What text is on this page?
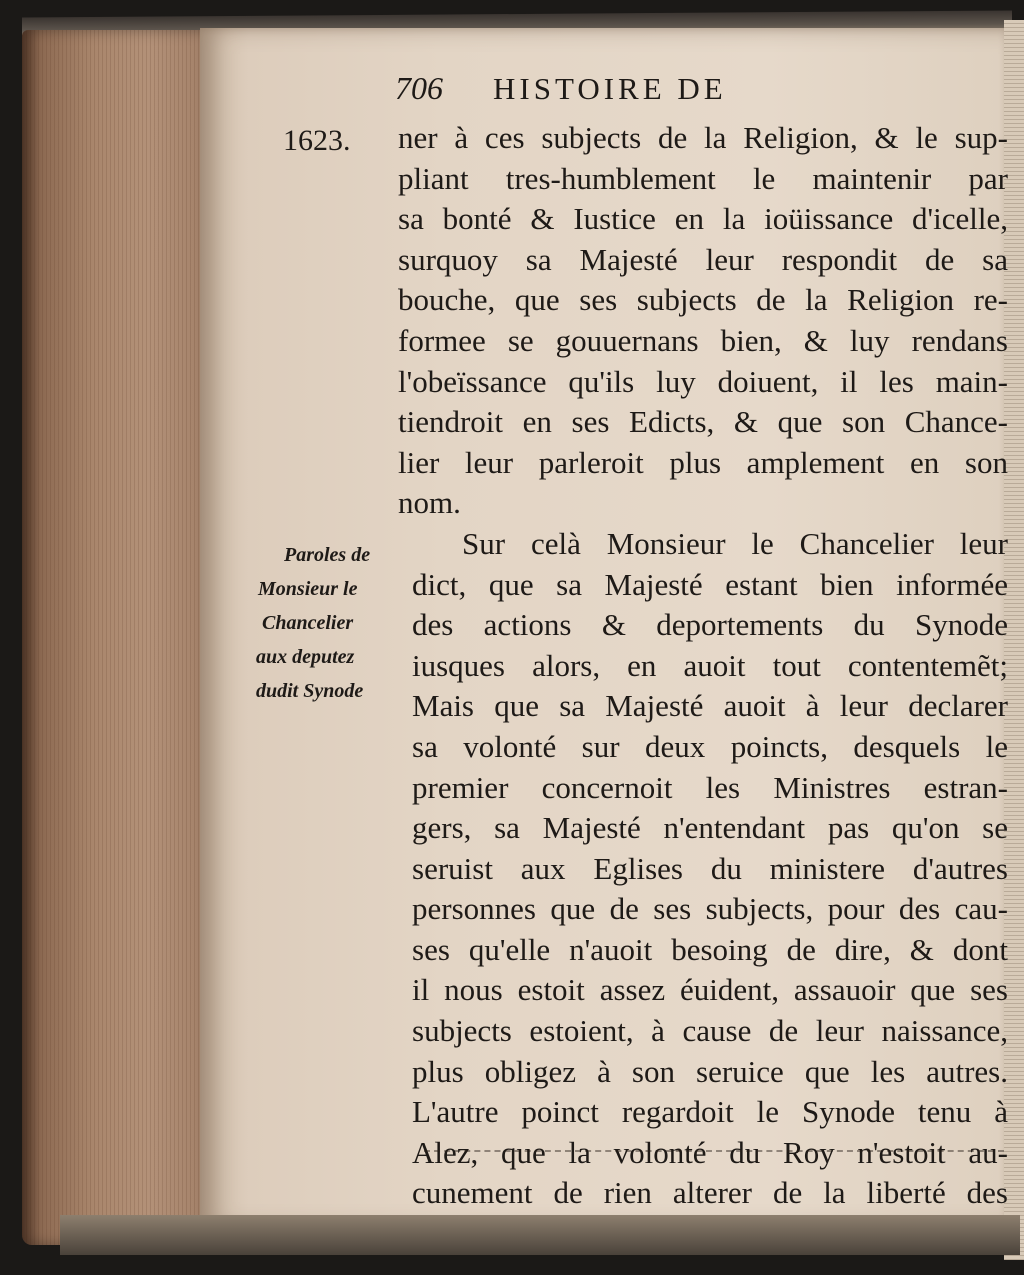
706 HISTOIRE DE
1623.
Paroles de
Monsieur le
Chancelier
aux deputez
dudit Synode
ner à ces subjects de la Religion, & le sup-
pliant tres-humblement le maintenir par
sa bonté & Iustice en la ioüissance d'icelle,
surquoy sa Majesté leur respondit de sa
bouche, que ses subjects de la Religion re-
formee se gouuernans bien, & luy rendans
l'obeïssance qu'ils luy doiuent, il les main-
tiendroit en ses Edicts, & que son Chance-
lier leur parleroit plus amplement en son
nom.
Sur celà Monsieur le Chancelier leur
dict, que sa Majesté estant bien informée
des actions & deportements du Synode
iusques alors, en auoit tout contentemẽt;
Mais que sa Majesté auoit à leur declarer
sa volonté sur deux poincts, desquels le
premier concernoit les Ministres estran-
gers, sa Majesté n'entendant pas qu'on se
seruist aux Eglises du ministere d'autres
personnes que de ses subjects, pour des cau-
ses qu'elle n'auoit besoing de dire, & dont
il nous estoit assez éuident, assauoir que ses
subjects estoient, à cause de leur naissance,
plus obligez à son seruice que les autres.
L'autre poinct regardoit le Synode tenu à
Alez, que la volonté du Roy n'estoit au-
cunement de rien alterer de la liberté des
